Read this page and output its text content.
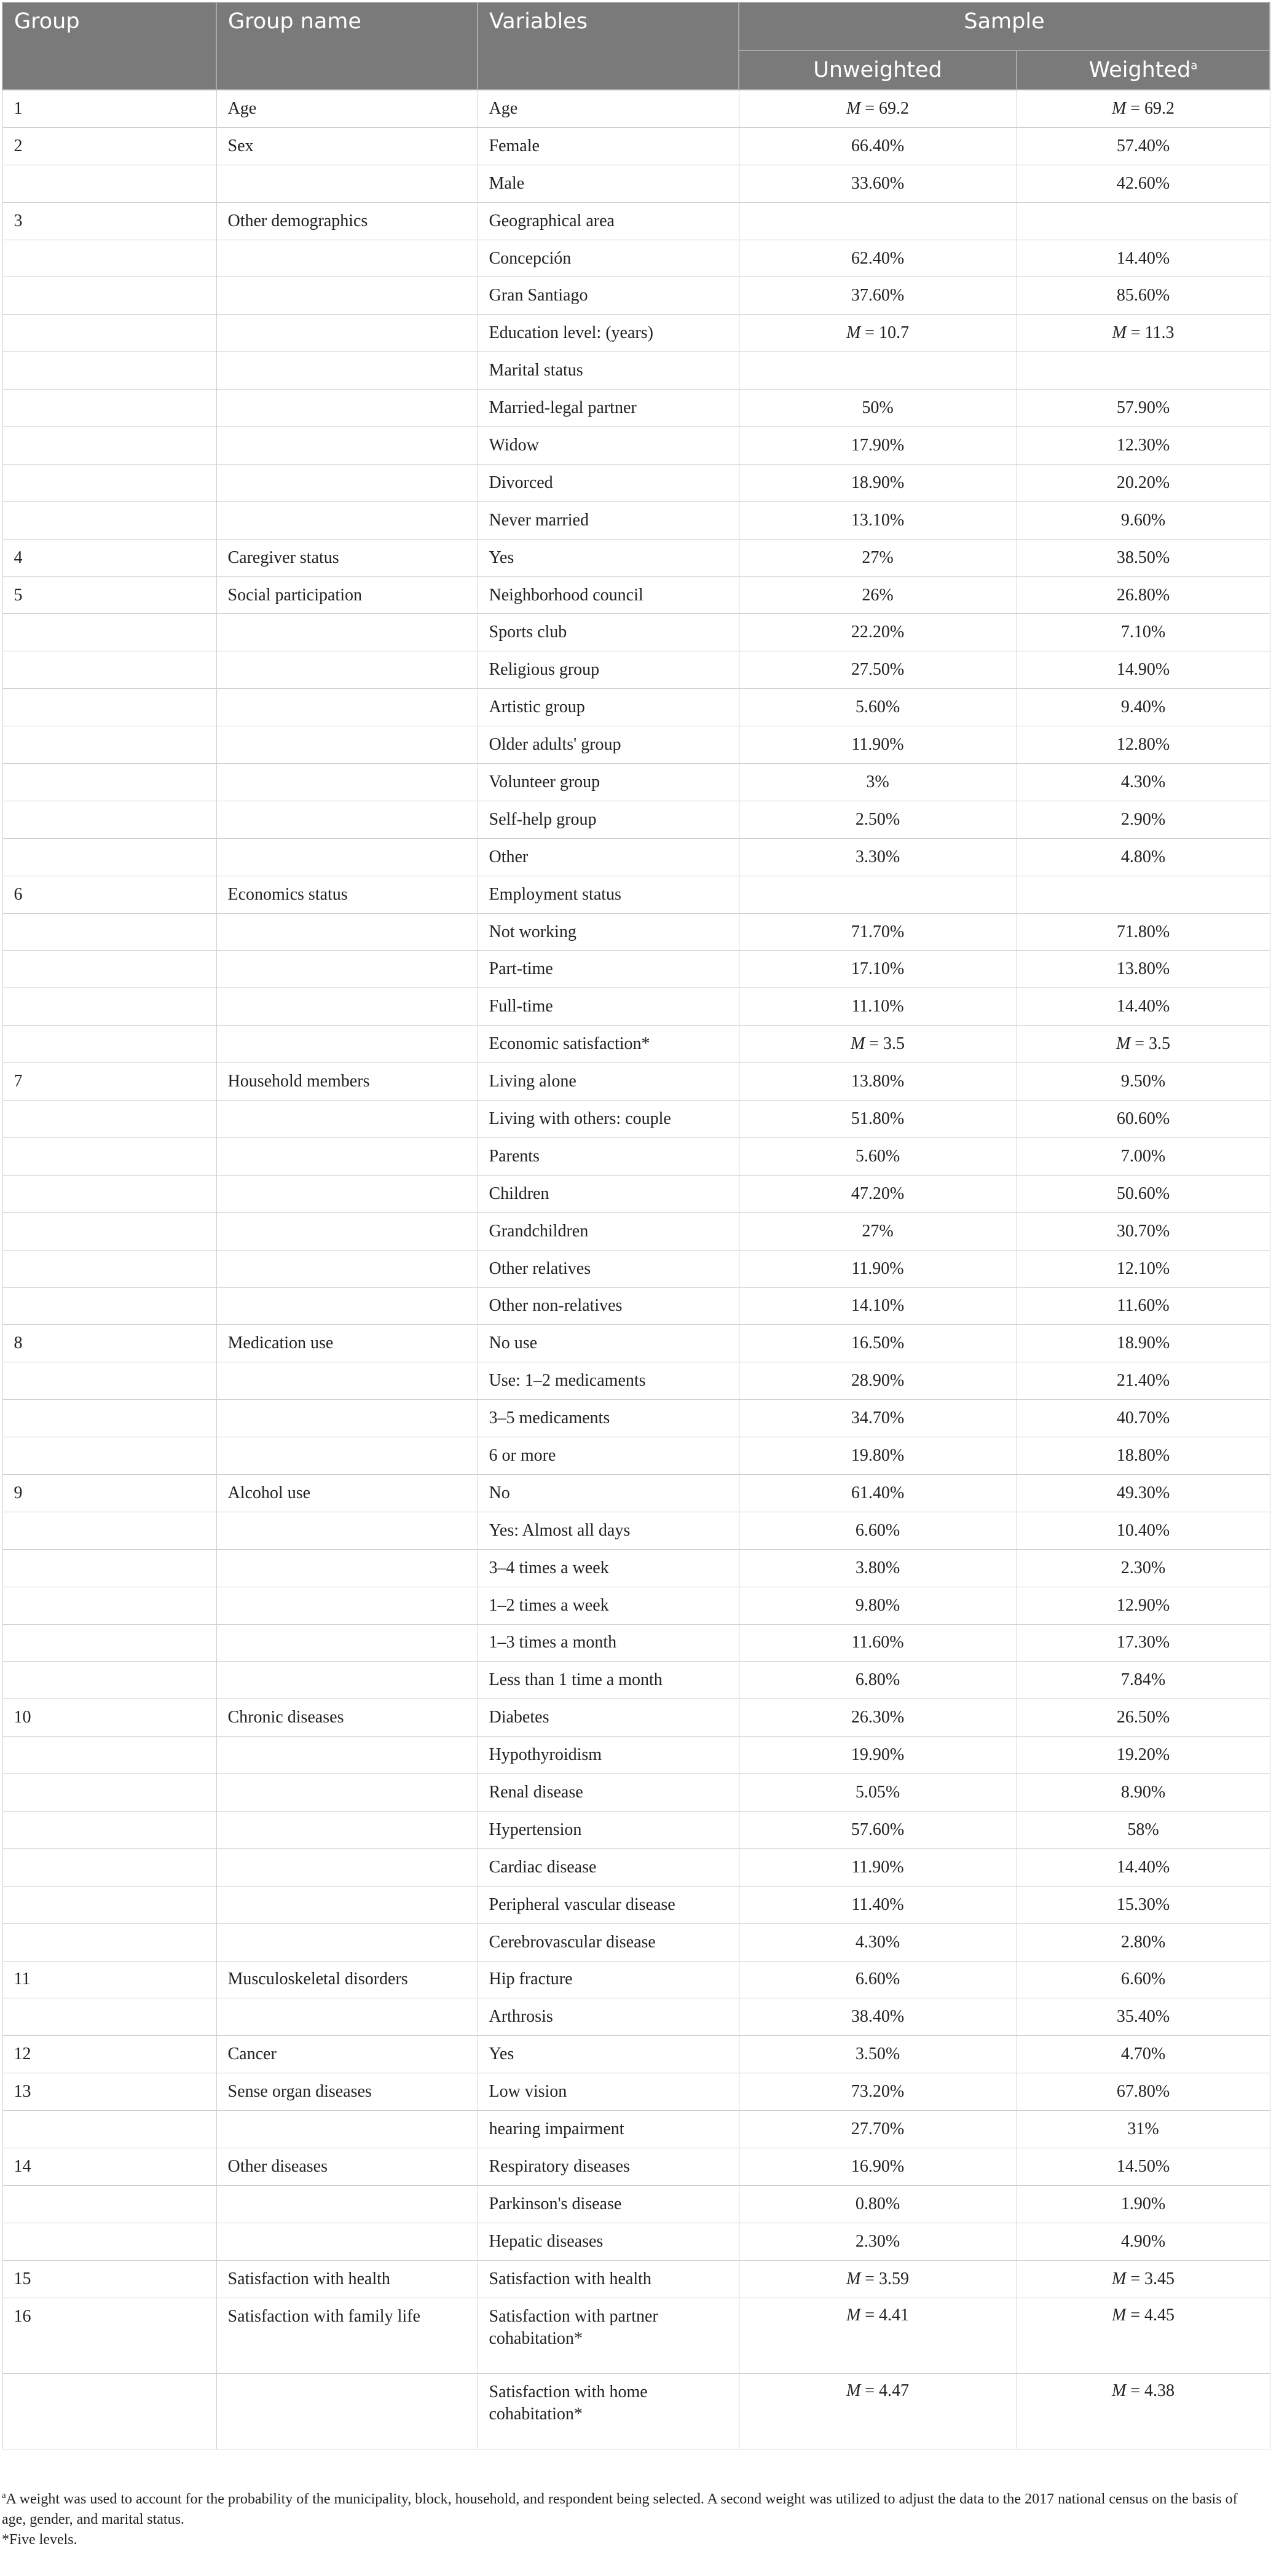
Group	Group name	Variables	Sample	
			Unweighted	Weighted$^a$
1	Age	Age	M = 69.2	M = 69.2
2	Sex	Female	66.40%	57.40%
		Male	33.60%	42.60%
3	Other demographics	Geographical area		
		Concepción	62.40%	14.40%
		Gran Santiago	37.60%	85.60%
		Education level: (years)	M = 10.7	M = 11.3
		Marital status		
		Married-legal partner	50%	57.90%
		Widow	17.90%	12.30%
		Divorced	18.90%	20.20%
		Never married	13.10%	9.60%
4	Caregiver status	Yes	27%	38.50%
5	Social participation	Neighborhood council	26%	26.80%
		Sports club	22.20%	7.10%
		Religious group	27.50%	14.90%
		Artistic group	5.60%	9.40%
		Older adults' group	11.90%	12.80%
		Volunteer group	3%	4.30%
		Self-help group	2.50%	2.90%
		Other	3.30%	4.80%
6	Economics status	Employment status		
		Not working	71.70%	71.80%
		Part-time	17.10%	13.80%
		Full-time	11.10%	14.40%
		Economic satisfaction*	M = 3.5	M = 3.5
7	Household members	Living alone	13.80%	9.50%
		Living with others: couple	51.80%	60.60%
		Parents	5.60%	7.00%
		Children	47.20%	50.60%
		Grandchildren	27%	30.70%
		Other relatives	11.90%	12.10%
		Other non-relatives	14.10%	11.60%
8	Medication use	No use	16.50%	18.90%
		Use: 1–2 medicaments	28.90%	21.40%
		3–5 medicaments	34.70%	40.70%
		6 or more	19.80%	18.80%
9	Alcohol use	No	61.40%	49.30%
		Yes: Almost all days	6.60%	10.40%
		3–4 times a week	3.80%	2.30%
		1–2 times a week	9.80%	12.90%
		1–3 times a month	11.60%	17.30%
		Less than 1 time a month	6.80%	7.84%
10	Chronic diseases	Diabetes	26.30%	26.50%
		Hypothyroidism	19.90%	19.20%
		Renal disease	5.05%	8.90%
		Hypertension	57.60%	58%
		Cardiac disease	11.90%	14.40%
		Peripheral vascular disease	11.40%	15.30%
		Cerebrovascular disease	4.30%	2.80%
11	Musculoskeletal disorders	Hip fracture	6.60%	6.60%
		Arthrosis	38.40%	35.40%
12	Cancer	Yes	3.50%	4.70%
13	Sense organ diseases	Low vision	73.20%	67.80%
		hearing impairment	27.70%	31%
14	Other diseases	Respiratory diseases	16.90%	14.50%
		Parkinson's disease	0.80%	1.90%
		Hepatic diseases	2.30%	4.90%
15	Satisfaction with health	Satisfaction with health	M = 3.59	M = 3.45
16	Satisfaction with family life	Satisfaction with partner cohabitation*	M = 4.41	M = 4.45
		Satisfaction with home cohabitation*	M = 4.47	M = 4.38

$^a$A weight was used to account for the probability of the municipality, block, household, and respondent being selected. A second weight was utilized to adjust the data to the 2017 national census on the basis of age, gender, and marital status.

*Five levels.
